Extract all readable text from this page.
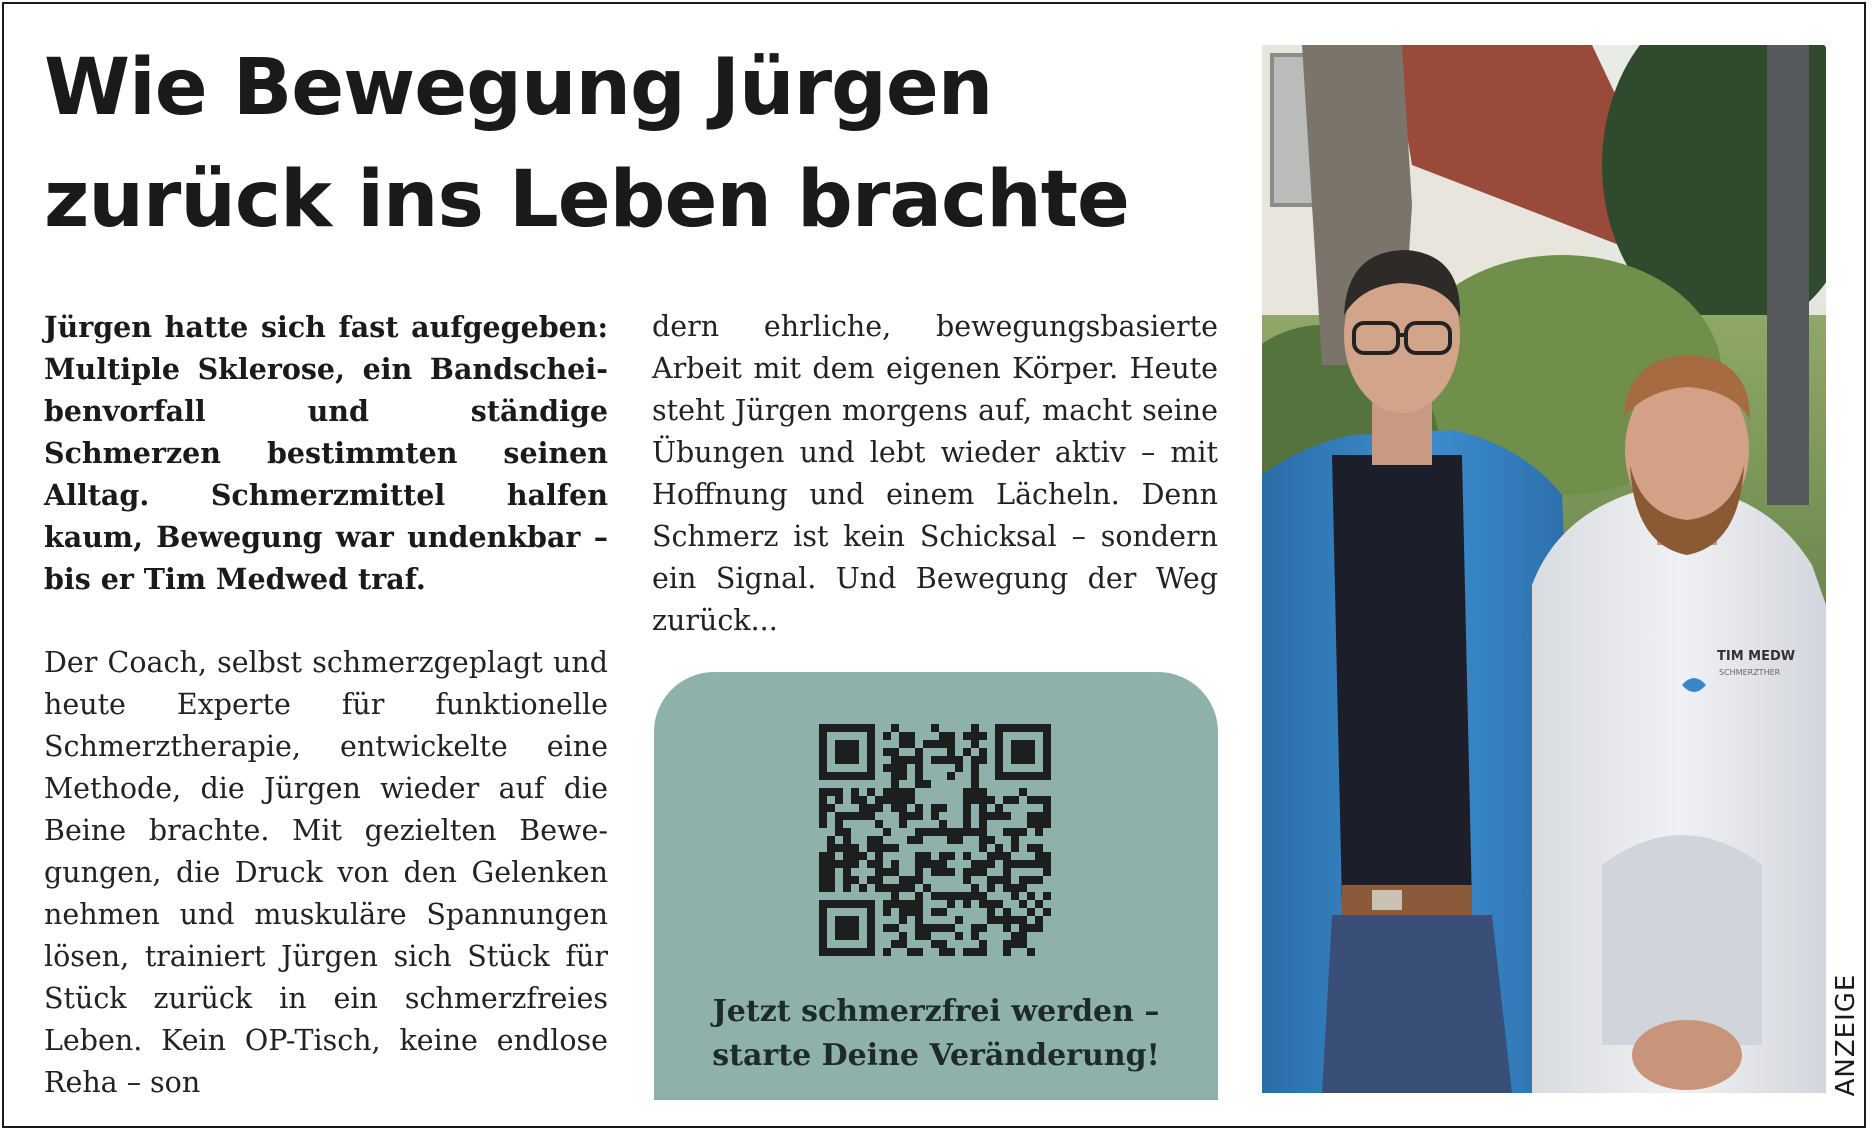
Wie Bewegung Jürgen
zurück ins Leben brachte

Jürgen hatte sich fast aufgegeben: Multiple Sklerose, ein Bandscheibenvorfall und ständige Schmerzen bestimmten seinen Alltag. Schmerzmittel halfen kaum, Bewegung war undenkbar – bis er Tim Medwed traf.

Der Coach, selbst schmerzgeplagt und heute Experte für funktionelle Schmerztherapie, entwickelte eine Methode, die Jürgen wieder auf die Beine brachte. Mit gezielten Bewegungen, die Druck von den Gelenken nehmen und muskuläre Spannungen lösen, trainiert Jürgen sich Stück für Stück zurück in ein schmerzfreies Leben. Kein OP-Tisch, keine endlose Reha – son

dern ehrliche, bewegungsbasierte Arbeit mit dem eigenen Körper. Heute steht Jürgen morgens auf, macht seine Übungen und lebt wieder aktiv – mit Hoffnung und einem Lächeln. Denn Schmerz ist kein Schicksal – sondern ein Signal. Und Bewegung der Weg zurück...

Jetzt schmerzfrei werden –
starte Deine Veränderung!
TIM MEDW
SCHMERZTHER
ANZEIGE
